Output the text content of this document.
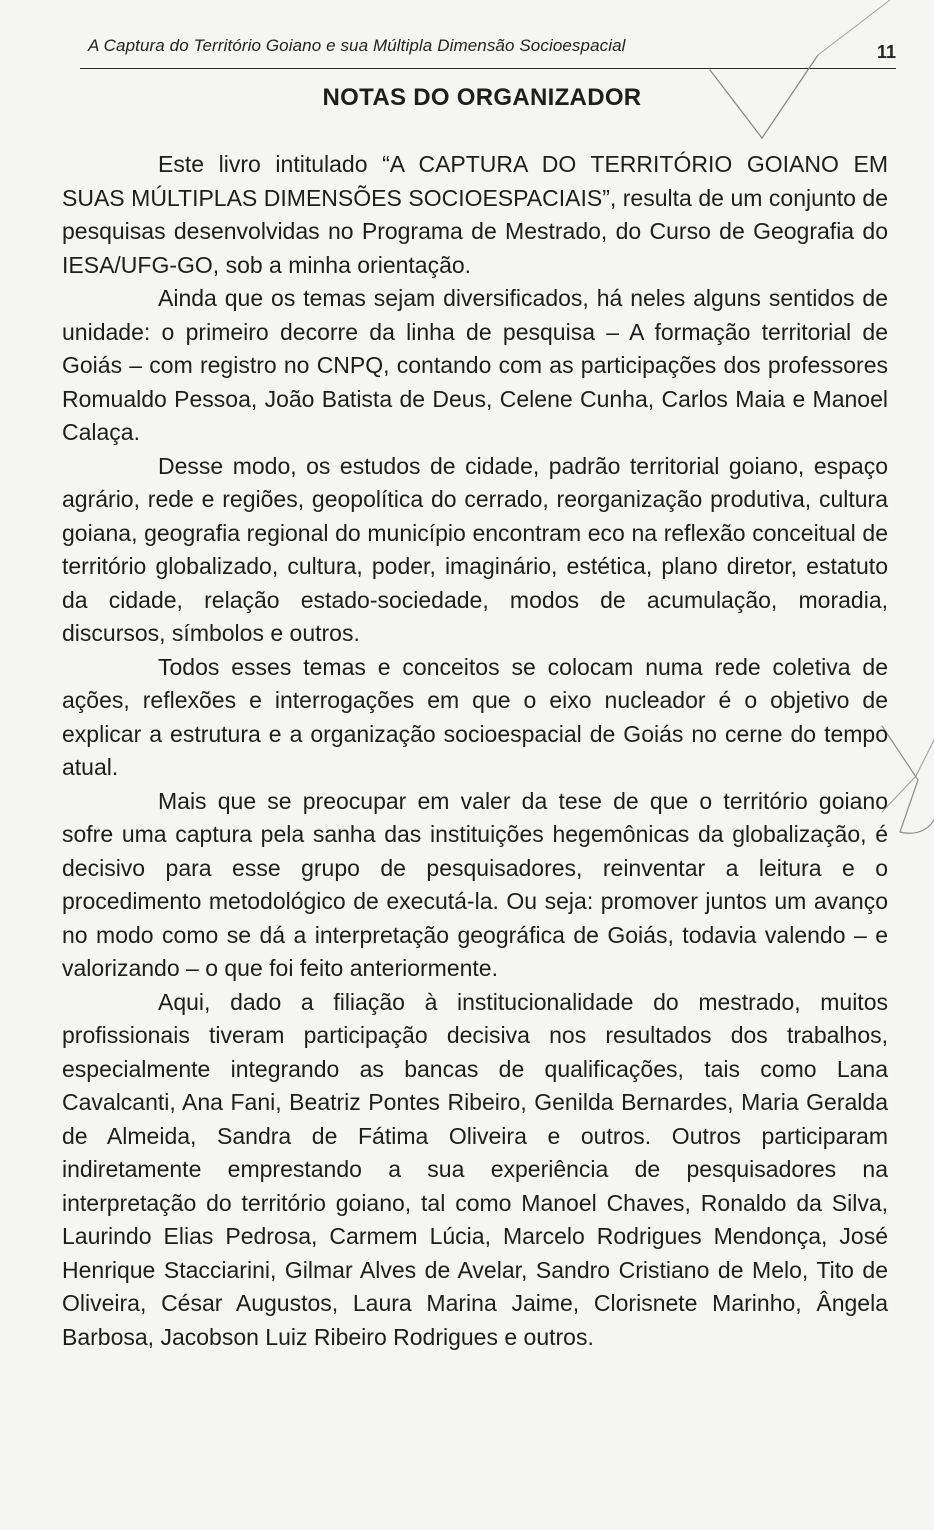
A Captura do Território Goiano e sua Múltipla Dimensão Socioespacial	11
NOTAS DO ORGANIZADOR

Este livro intitulado “A CAPTURA DO TERRITÓRIO GOIANO EM SUAS MÚLTIPLAS DIMENSÕES SOCIOESPACIAIS”, resulta de um conjunto de pesquisas desenvolvidas no Programa de Mestrado, do Curso de Geografia do IESA/UFG-GO, sob a minha orientação.

Ainda que os temas sejam diversificados, há neles alguns sentidos de unidade: o primeiro decorre da linha de pesquisa – A formação territorial de Goiás – com registro no CNPQ, contando com as participações dos professores Romualdo Pessoa, João Batista de Deus, Celene Cunha, Carlos Maia e Manoel Calaça.

Desse modo, os estudos de cidade, padrão territorial goiano, espaço agrário, rede e regiões, geopolítica do cerrado, reorganização produtiva, cultura goiana, geografia regional do município encontram eco na reflexão conceitual de território globalizado, cultura, poder, imaginário, estética, plano diretor, estatuto da cidade, relação estado-sociedade, modos de acumulação, moradia, discursos, símbolos e outros.

Todos esses temas e conceitos se colocam numa rede coletiva de ações, reflexões e interrogações em que o eixo nucleador é o objetivo de explicar a estrutura e a organização socioespacial de Goiás no cerne do tempo atual.

Mais que se preocupar em valer da tese de que o território goiano sofre uma captura pela sanha das instituições hegemônicas da globalização, é decisivo para esse grupo de pesquisadores, reinventar a leitura e o procedimento metodológico de executá-la. Ou seja: promover juntos um avanço no modo como se dá a interpretação geográfica de Goiás, todavia valendo – e valorizando – o que foi feito anteriormente.

Aqui, dado a filiação à institucionalidade do mestrado, muitos profissionais tiveram participação decisiva nos resultados dos trabalhos, especialmente integrando as bancas de qualificações, tais como Lana Cavalcanti, Ana Fani, Beatriz Pontes Ribeiro, Genilda Bernardes, Maria Geralda de Almeida, Sandra de Fátima Oliveira e outros. Outros participaram indiretamente emprestando a sua experiência de pesquisadores na interpretação do território goiano, tal como Manoel Chaves, Ronaldo da Silva, Laurindo Elias Pedrosa, Carmem Lúcia, Marcelo Rodrigues Mendonça, José Henrique Stacciarini, Gilmar Alves de Avelar, Sandro Cristiano de Melo, Tito de Oliveira, César Augustos, Laura Marina Jaime, Clorisnete Marinho, Ângela Barbosa, Jacobson Luiz Ribeiro Rodrigues e outros.
